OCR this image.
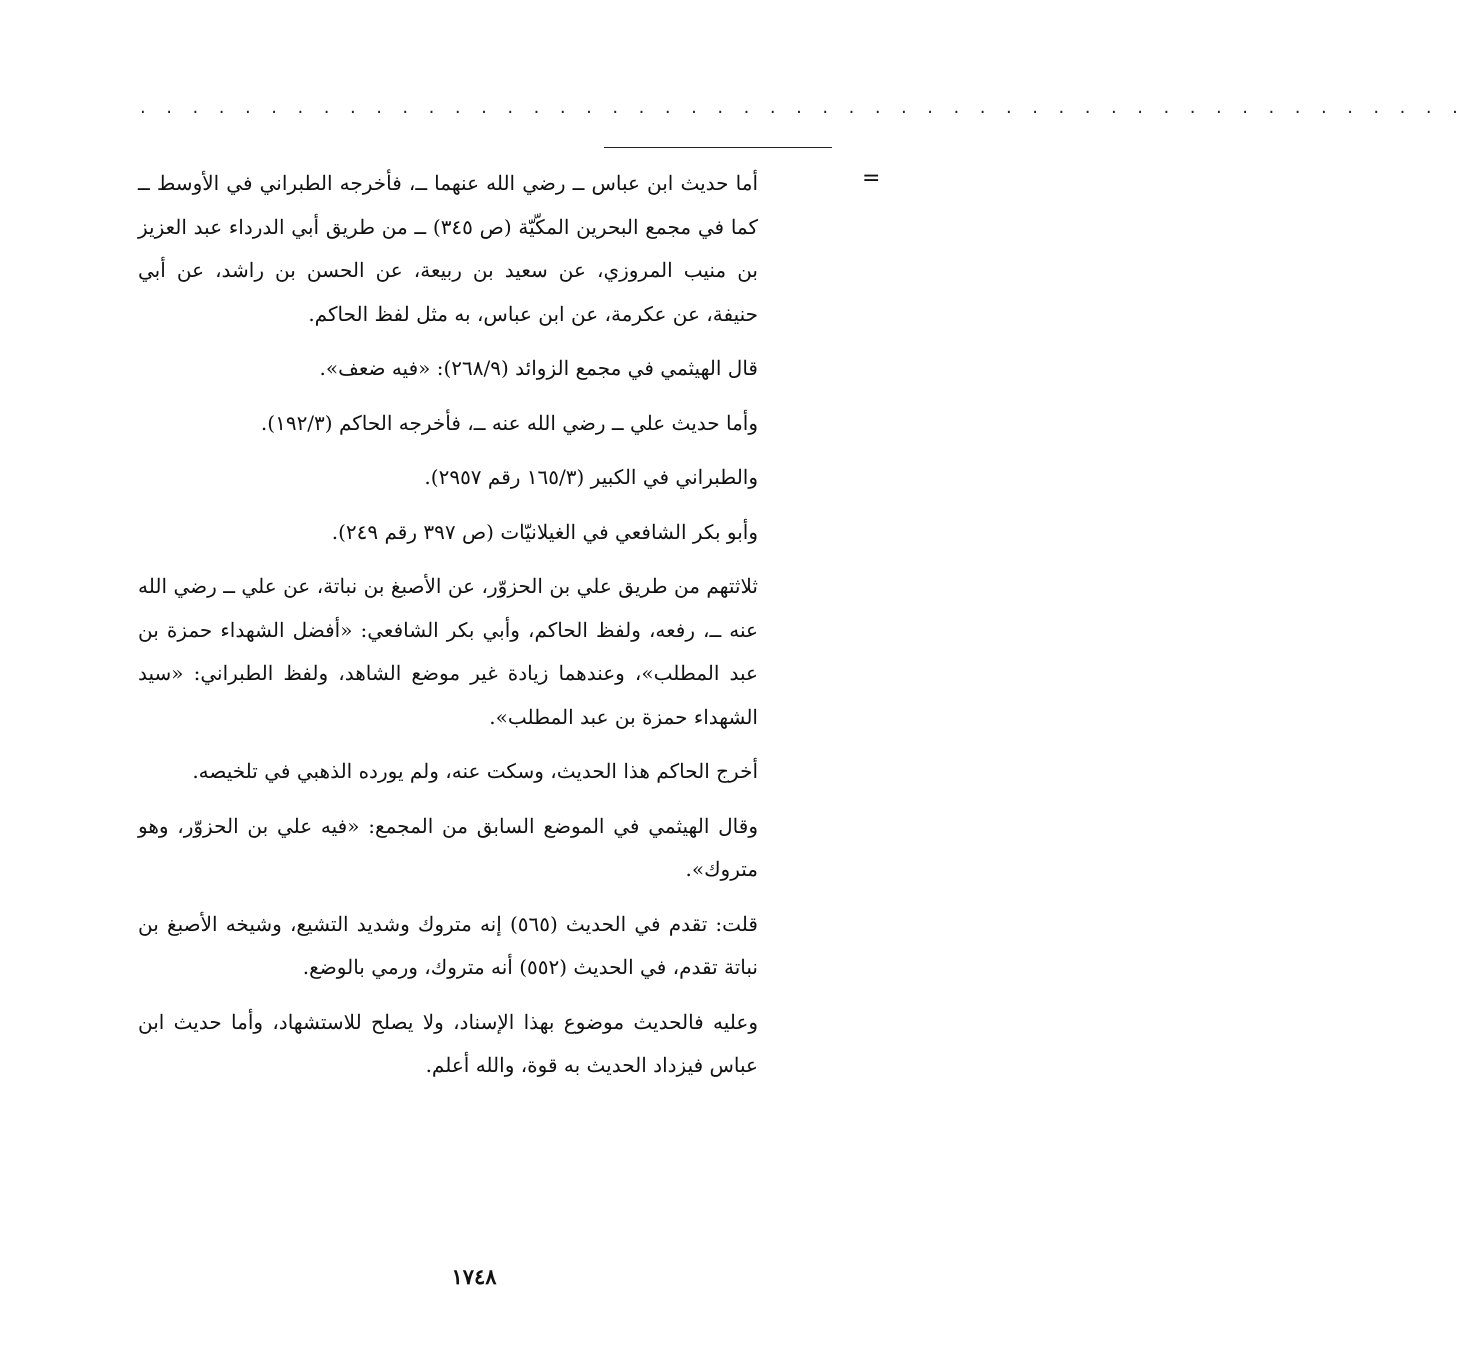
. . . . . . . . . . . . . . . . . . . . . . . . . . . . . . . . . . . . . . . . . . . . . . . . . . .
=

أما حديث ابن عباس ــ رضي الله عنهما ــ، فأخرجه الطبراني في الأوسط ــ كما في مجمع البحرين المكّيّة (ص ٣٤٥) ــ من طريق أبي الدرداء عبد العزيز بن منيب المروزي، عن سعيد بن ربيعة، عن الحسن بن راشد، عن أبي حنيفة، عن عكرمة، عن ابن عباس، به مثل لفظ الحاكم.

قال الهيثمي في مجمع الزوائد (٢٦٨/٩): «فيه ضعف».

وأما حديث علي ــ رضي الله عنه ــ، فأخرجه الحاكم (١٩٢/٣).

والطبراني في الكبير (١٦٥/٣ رقم ٢٩٥٧).

وأبو بكر الشافعي في الغيلانيّات (ص ٣٩٧ رقم ٢٤٩).

ثلاثتهم من طريق علي بن الحزوّر، عن الأصبغ بن نباتة، عن علي ــ رضي الله عنه ــ، رفعه، ولفظ الحاكم، وأبي بكر الشافعي: «أفضل الشهداء حمزة بن عبد المطلب»، وعندهما زيادة غير موضع الشاهد، ولفظ الطبراني: «سيد الشهداء حمزة بن عبد المطلب».

أخرج الحاكم هذا الحديث، وسكت عنه، ولم يورده الذهبي في تلخيصه.

وقال الهيثمي في الموضع السابق من المجمع: «فيه علي بن الحزوّر، وهو متروك».

قلت: تقدم في الحديث (٥٦٥) إنه متروك وشديد التشيع، وشيخه الأصبغ بن نباتة تقدم، في الحديث (٥٥٢) أنه متروك، ورمي بالوضع.

وعليه فالحديث موضوع بهذا الإسناد، ولا يصلح للاستشهاد، وأما حديث ابن عباس فيزداد الحديث به قوة، والله أعلم.

١٧٤٨
